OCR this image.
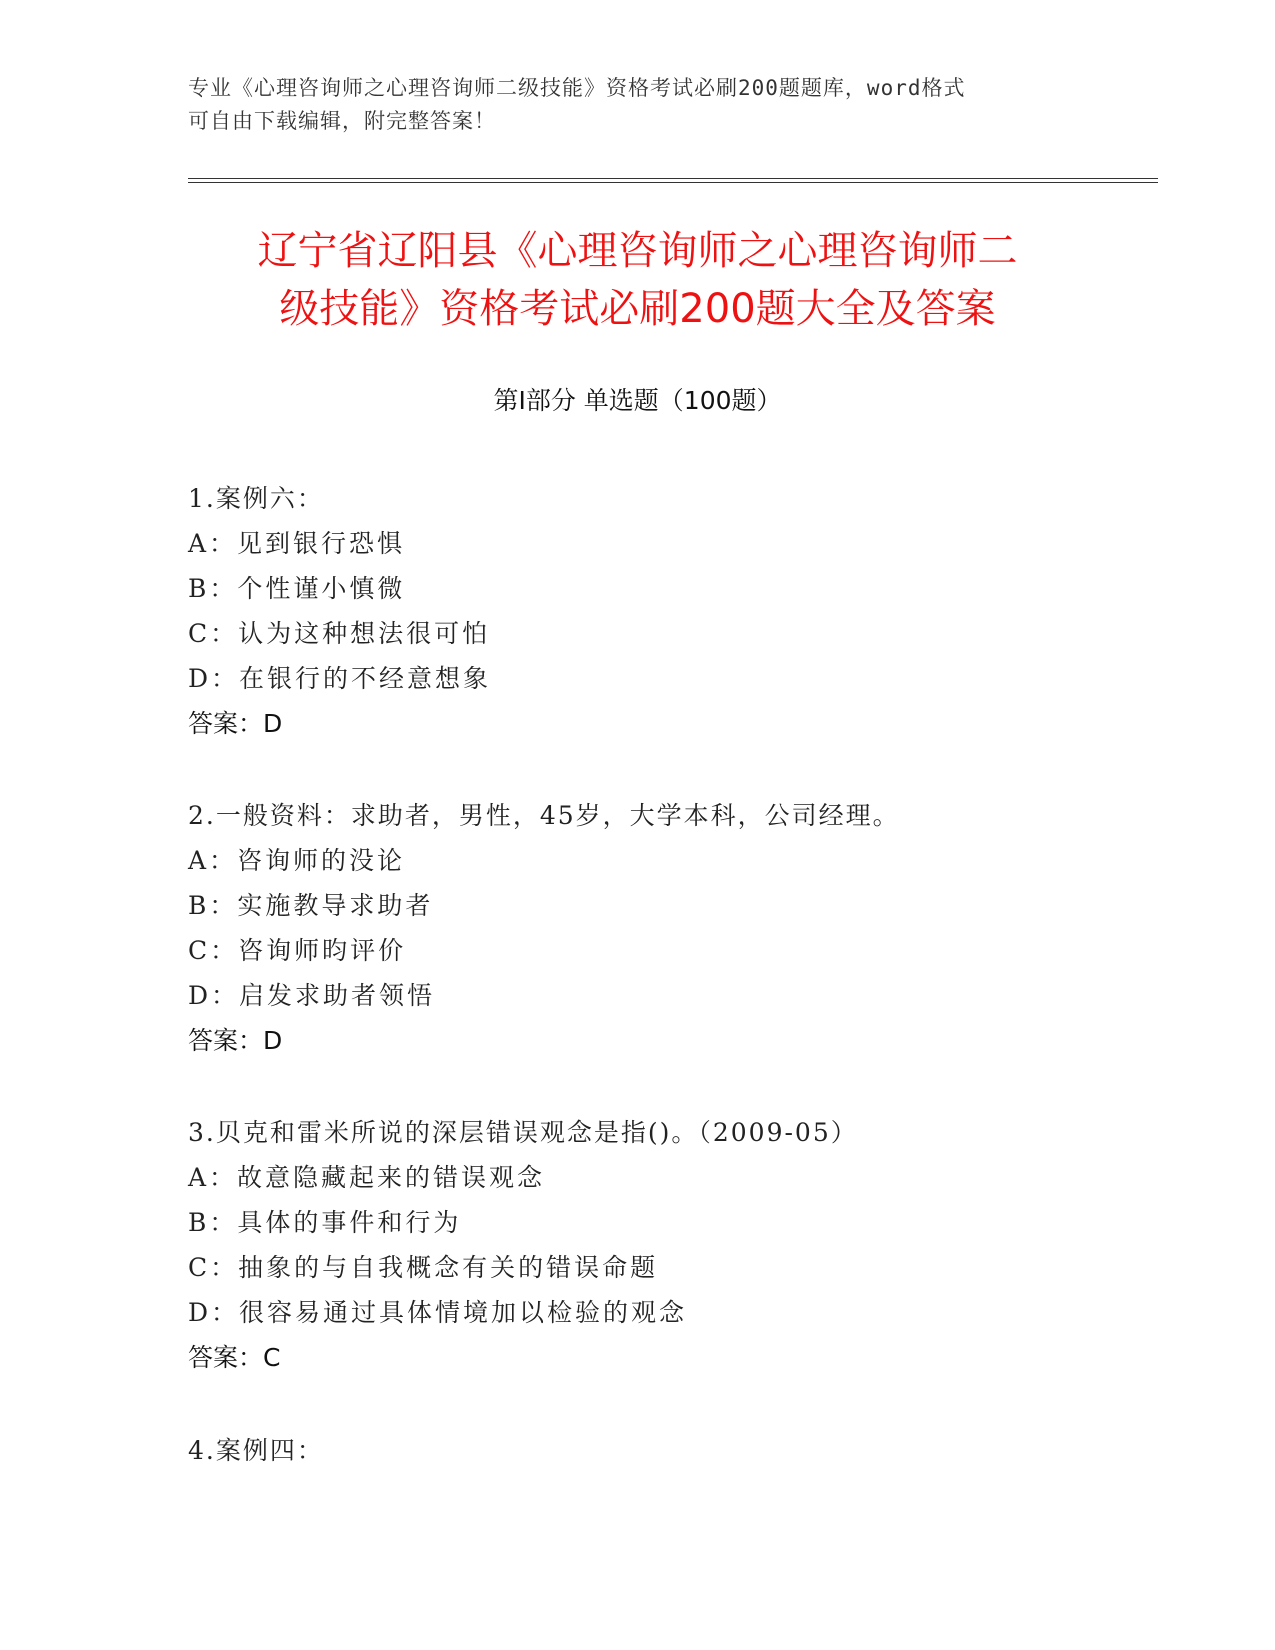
专业《心理咨询师之心理咨询师二级技能》资格考试必刷200题题库，word格式
可自由下载编辑，附完整答案！
辽宁省辽阳县《心理咨询师之心理咨询师二
级技能》资格考试必刷200题大全及答案
第Ⅰ部分 单选题（100题）
1.案例六：
A：见到银行恐惧
B：个性谨小慎微
C：认为这种想法很可怕
D：在银行的不经意想象
答案：D
2.一般资料：求助者，男性，45岁，大学本科，公司经理。
A：咨询师的没论
B：实施教导求助者
C：咨询师昀评价
D：启发求助者领悟
答案：D
3.贝克和雷米所说的深层错误观念是指()。（2009-05）
A：故意隐藏起来的错误观念
B：具体的事件和行为
C：抽象的与自我概念有关的错误命题
D：很容易通过具体情境加以检验的观念
答案：C
4.案例四：
